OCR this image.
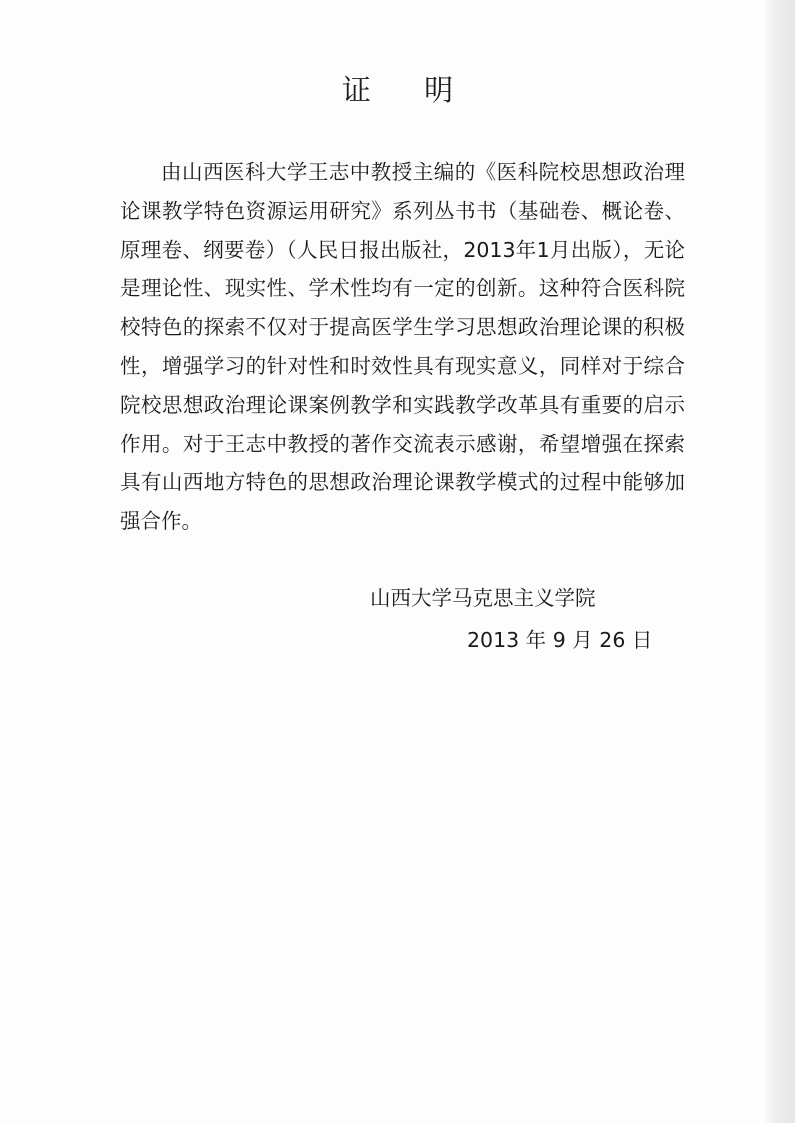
证 明

由山西医科大学王志中教授主编的《医科院校思想政治理论课教学特色资源运用研究》系列丛书书（基础卷、概论卷、原理卷、纲要卷）（人民日报出版社，2013年1月出版），无论是理论性、现实性、学术性均有一定的创新。这种符合医科院校特色的探索不仅对于提高医学生学习思想政治理论课的积极性，增强学习的针对性和时效性具有现实意义，同样对于综合院校思想政治理论课案例教学和实践教学改革具有重要的启示作用。对于王志中教授的著作交流表示感谢，希望增强在探索具有山西地方特色的思想政治理论课教学模式的过程中能够加强合作。

山西大学马克思主义学院
2013 年 9 月 26 日
